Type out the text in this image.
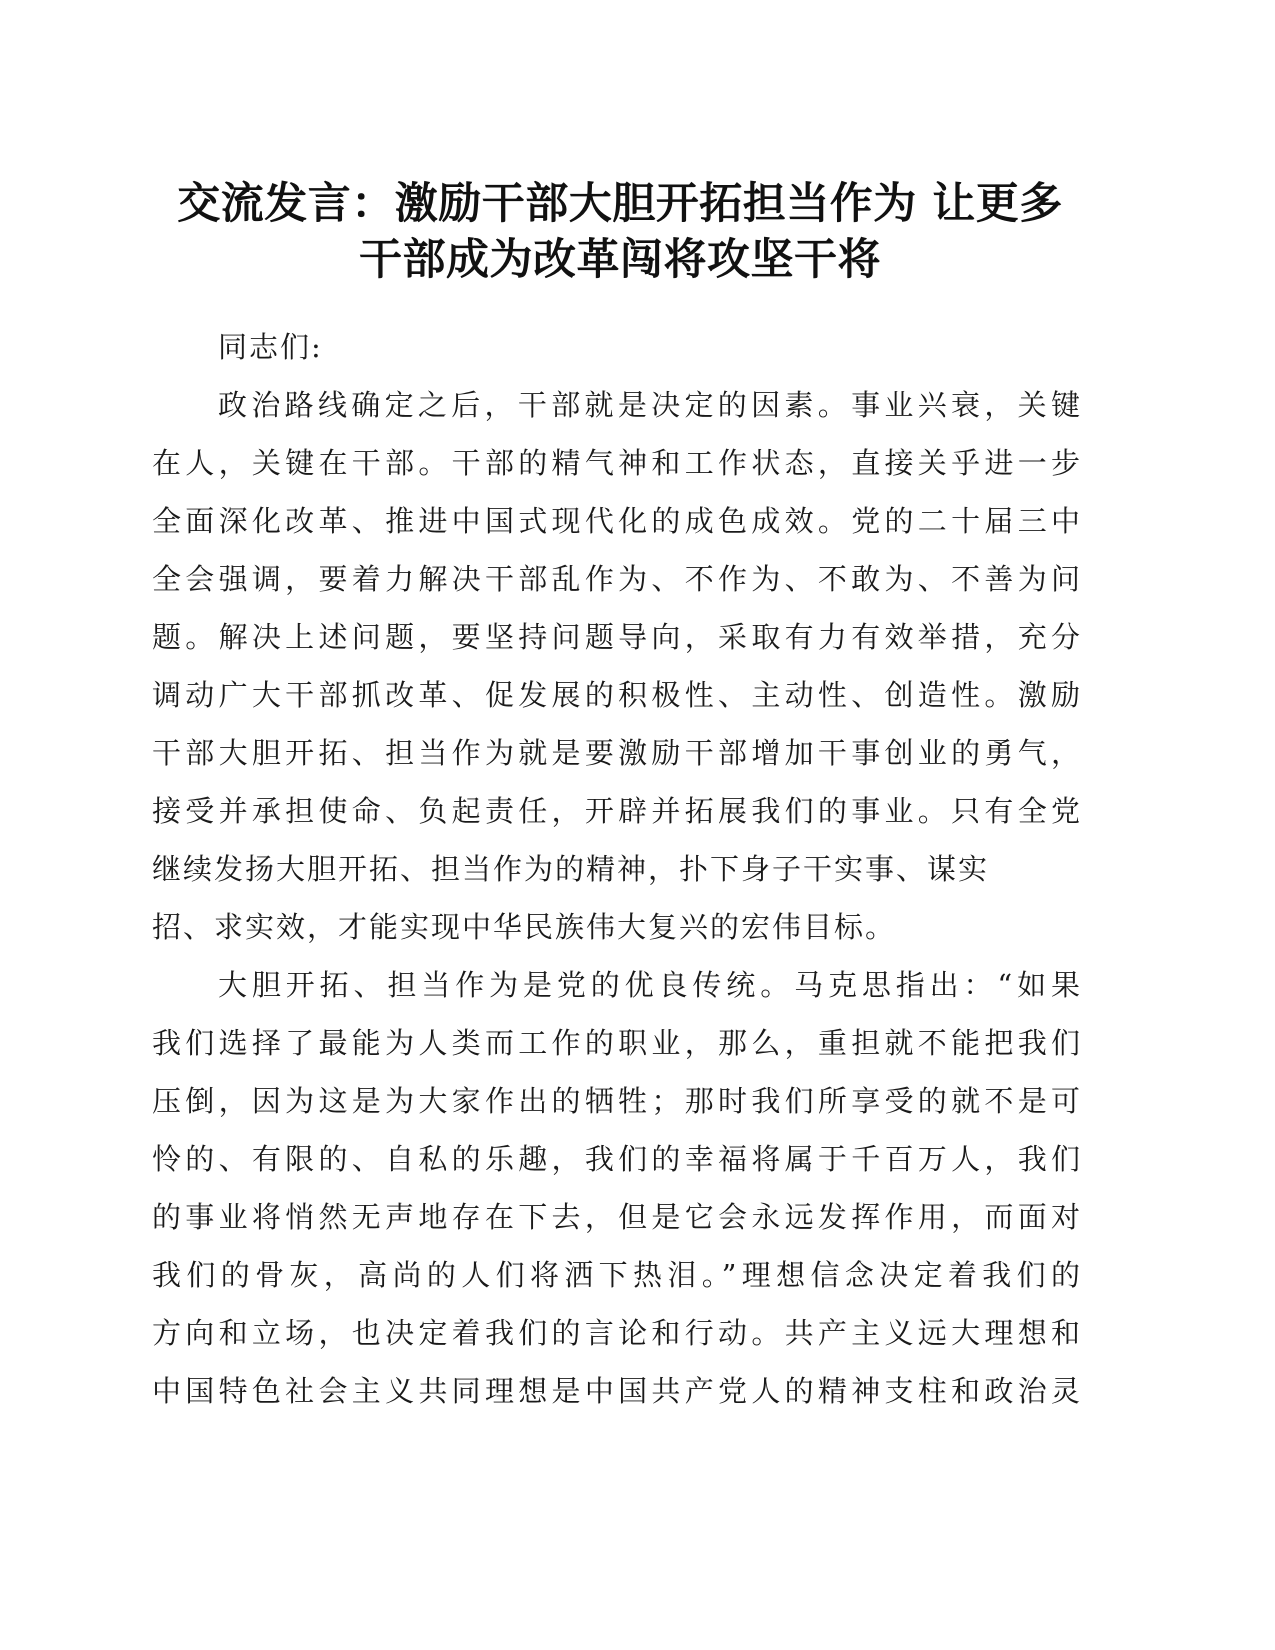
交流发言：激励干部大胆开拓担当作为 让更多
干部成为改革闯将攻坚干将
同志们:
政治路线确定之后，干部就是决定的因素。事业兴衰，关键
在人，关键在干部。干部的精气神和工作状态，直接关乎进一步
全面深化改革、推进中国式现代化的成色成效。党的二十届三中
全会强调，要着力解决干部乱作为、不作为、不敢为、不善为问
题。解决上述问题，要坚持问题导向，采取有力有效举措，充分
调动广大干部抓改革、促发展的积极性、主动性、创造性。激励
干部大胆开拓、担当作为就是要激励干部增加干事创业的勇气，
接受并承担使命、负起责任，开辟并拓展我们的事业。只有全党
继续发扬大胆开拓、担当作为的精神，扑下身子干实事、谋实
招、求实效，才能实现中华民族伟大复兴的宏伟目标。
大胆开拓、担当作为是党的优良传统。马克思指出：“如果
我们选择了最能为人类而工作的职业，那么，重担就不能把我们
压倒，因为这是为大家作出的牺牲；那时我们所享受的就不是可
怜的、有限的、自私的乐趣，我们的幸福将属于千百万人，我们
的事业将悄然无声地存在下去，但是它会永远发挥作用，而面对
我们的骨灰，高尚的人们将洒下热泪。”理想信念决定着我们的
方向和立场，也决定着我们的言论和行动。共产主义远大理想和
中国特色社会主义共同理想是中国共产党人的精神支柱和政治灵
